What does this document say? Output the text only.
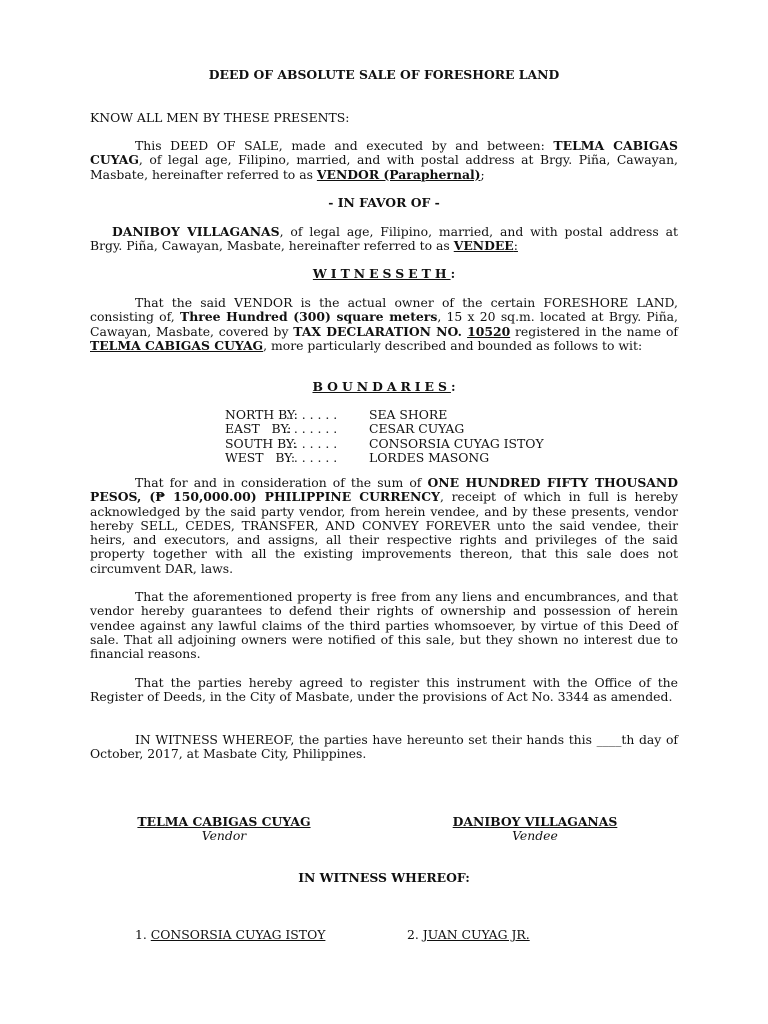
DEED OF ABSOLUTE SALE OF FORESHORE LAND
KNOW ALL MEN BY THESE PRESENTS:
This DEED OF SALE, made and executed by and between: TELMA CABIGAS CUYAG, of legal age, Filipino, married, and with postal address at Brgy. Piña, Cawayan, Masbate, hereinafter referred to as VENDOR (Paraphernal);
- IN FAVOR OF -
DANIBOY VILLAGANAS, of legal age, Filipino, married, and with postal address at Brgy. Piña, Cawayan, Masbate, hereinafter referred to as VENDEE:
WITNESSETH:
That the said VENDOR is the actual owner of the certain FORESHORE LAND, consisting of, Three Hundred (300) square meters, 15 x 20 sq.m. located at Brgy. Piña, Cawayan, Masbate, covered by TAX DECLARATION NO. 10520 registered in the name of TELMA CABIGAS CUYAG, more particularly described and bounded as follows to wit:
BOUNDARIES:
NORTH BY: . . . . . . .	SEA SHORE
EAST   BY: . . . . . . .	CESAR CUYAG
SOUTH BY: . . . . . . .	CONSORSIA CUYAG ISTOY
WEST   BY: . . . . . . .	LORDES MASONG
That for and in consideration of the sum of ONE HUNDRED FIFTY THOUSAND PESOS, (₱ 150,000.00) PHILIPPINE CURRENCY, receipt of which in full is hereby acknowledged by the said party vendor, from herein vendee, and by these presents, vendor hereby SELL, CEDES, TRANSFER, AND CONVEY FOREVER unto the said vendee, their heirs, and executors, and assigns, all their respective rights and privileges of the said property together with all the existing improvements thereon, that this sale does not circumvent DAR, laws.
That the aforementioned property is free from any liens and encumbrances, and that vendor hereby guarantees to defend their rights of ownership and possession of herein vendee against any lawful claims of the third parties whomsoever, by virtue of this Deed of sale. That all adjoining owners were notified of this sale, but they shown no interest due to financial reasons.
That the parties hereby agreed to register this instrument with the Office of the Register of Deeds, in the City of Masbate, under the provisions of Act No. 3344 as amended.
IN WITNESS WHEREOF, the parties have hereunto set their hands this ____th day of October, 2017, at Masbate City, Philippines.
TELMA CABIGAS CUYAG
Vendor
DANIBOY VILLAGANAS
Vendee
IN WITNESS WHEREOF:
1. CONSORSIA CUYAG ISTOY	2. JUAN CUYAG JR.
